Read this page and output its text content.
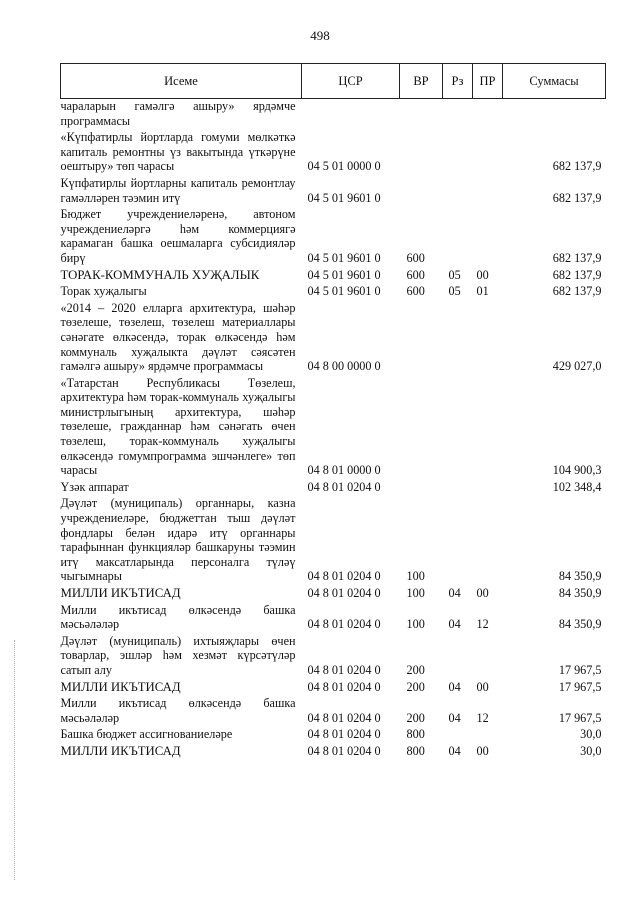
498
Исеме	ЦСР	ВР	Рз	ПР	Суммасы
чараларын гамәлгә ашыру» ярдәмче программасы					
«Күпфатирлы йортларда гомуми мөлкәткә капиталь ремонтны үз вакытында үткәрүне оештыру» төп чарасы	04 5 01 0000 0				682 137,9
Күпфатирлы йортларны капиталь ремонтлау гамәлләрен тәэмин итү	04 5 01 9601 0				682 137,9
Бюджет учреждениеләренә, автоном учреждениеләргә һәм коммерциягә карамаган башка оешмаларга субсидияләр бирү	04 5 01 9601 0	600			682 137,9
ТОРАК-КОММУНАЛЬ ХУҖАЛЫК	04 5 01 9601 0	600	05	00	682 137,9
Торак хуҗалыгы	04 5 01 9601 0	600	05	01	682 137,9
«2014 – 2020 елларга архитектура, шәһәр төзелеше, төзелеш, төзелеш материаллары сәнәгате өлкәсендә, торак өлкәсендә һәм коммуналь хуҗалыкта дәүләт сәясәтен гамәлгә ашыру» ярдәмче программасы	04 8 00 0000 0				429 027,0
«Татарстан Республикасы Төзелеш, архитектура һәм торак-коммуналь хуҗалыгы министрлыгының архитектура, шәһәр төзелеше, гражданнар һәм сәнәгать өчен төзелеш, торак-коммуналь хуҗалыгы өлкәсендә гомумпрограмма эшчәнлеге» төп чарасы	04 8 01 0000 0				104 900,3
Үзәк аппарат	04 8 01 0204 0				102 348,4
Дәүләт (муниципаль) органнары, казна учреждениеләре, бюджеттан тыш дәүләт фондлары белән идарә итү органнары тарафыннан функцияләр башкаруны тәэмин итү максатларында персоналга түләү чыгымнары	04 8 01 0204 0	100			84 350,9
МИЛЛИ ИКЪТИСАД	04 8 01 0204 0	100	04	00	84 350,9
Милли икътисад өлкәсендә башка мәсьәләләр	04 8 01 0204 0	100	04	12	84 350,9
Дәүләт (муниципаль) ихтыяҗлары өчен товарлар, эшләр һәм хезмәт күрсәтүләр сатып алу	04 8 01 0204 0	200			17 967,5
МИЛЛИ ИКЪТИСАД	04 8 01 0204 0	200	04	00	17 967,5
Милли икътисад өлкәсендә башка мәсьәләләр	04 8 01 0204 0	200	04	12	17 967,5
Башка бюджет ассигнованиеләре	04 8 01 0204 0	800			30,0
МИЛЛИ ИКЪТИСАД	04 8 01 0204 0	800	04	00	30,0
